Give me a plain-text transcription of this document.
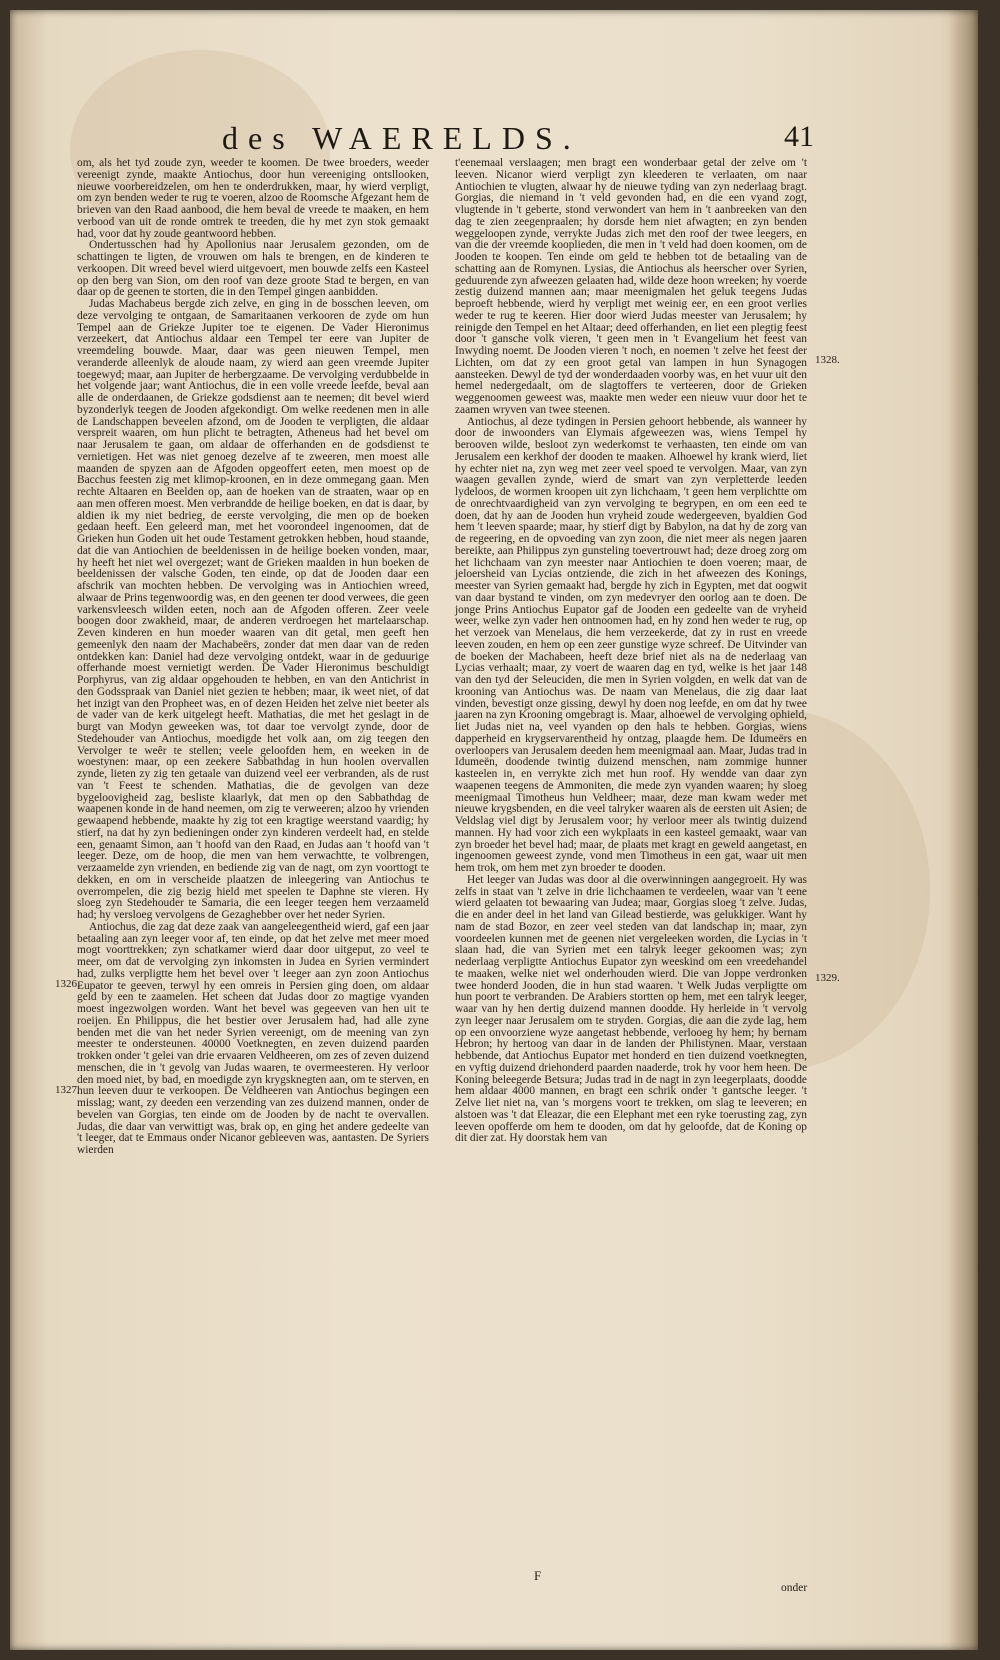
des WAERELDS.	41

om, als het tyd zoude zyn, weeder te koomen. De twee broeders, weeder vereenigt zynde, maakte Antiochus, door hun vereeniging ontsllooken, nieuwe voorbereidzelen, om hen te onderdrukken, maar, hy wierd verpligt, om zyn benden weder te rug te voeren, alzoo de Roomsche Afgezant hem de brieven van den Raad aanbood, die hem beval de vreede te maaken, en hem verbood van uit de ronde omtrek te treeden, die hy met zyn stok gemaakt had, voor dat hy zoude geantwoord hebben.

Ondertusschen had hy Apollonius naar Jerusalem gezonden, om de schattingen te ligten, de vrouwen om hals te brengen, en de kinderen te verkoopen. Dit wreed bevel wierd uitgevoert, men bouwde zelfs een Kasteel op den berg van Sion, om den roof van deze groote Stad te bergen, en van daar op de geenen te storten, die in den Tempel gingen aanbidden.

Judas Machabeus bergde zich zelve, en ging in de bosschen leeven, om deze vervolging te ontgaan, de Samaritaanen verkooren de zyde om hun Tempel aan de Griekze Jupiter toe te eigenen. De Vader Hieronimus verzeekert, dat Antiochus aldaar een Tempel ter eere van Jupiter de vreemdeling bouwde. Maar, daar was geen nieuwen Tempel, men veranderde alleenlyk de aloude naam, zy wierd aan geen vreemde Jupiter toegewyd; maar, aan Jupiter de herbergzaame. De vervolging verdubbelde in het volgende jaar; want Antiochus, die in een volle vreede leefde, beval aan alle de onderdaanen, de Griekze godsdienst aan te neemen; dit bevel wierd byzonderlyk teegen de Jooden afgekondigt. Om welke reedenen men in alle de Landschappen beveelen afzond, om de Jooden te verpligten, die aldaar verspreit waaren, om hun plicht te betragten, Atheneus had het bevel om naar Jerusalem te gaan, om aldaar de offerhanden en de godsdienst te vernietigen. Het was niet genoeg dezelve af te zweeren, men moest alle maanden de spyzen aan de Afgoden opgeoffert eeten, men moest op de Bacchus feesten zig met klimop-kroonen, en in deze ommegang gaan. Men rechte Altaaren en Beelden op, aan de hoeken van de straaten, waar op en aan men offeren moest. Men verbrandde de heilige boeken, en dat is daar, by aldien ik my niet bedrieg, de eerste vervolging, die men op de boeken gedaan heeft. Een geleerd man, met het voorondeel ingenoomen, dat de Grieken hun Goden uit het oude Testament getrokken hebben, houd staande, dat die van Antiochien de beeldenissen in de heilige boeken vonden, maar, hy heeft het niet wel overgezet; want de Grieken maalden in hun boeken de beeldenissen der valsche Goden, ten einde, op dat de Jooden daar een afschrik van mochten hebben. De vervolging was in Antiochien wreed, alwaar de Prins tegenwoordig was, en den geenen ter dood verwees, die geen varkensvleesch wilden eeten, noch aan de Afgoden offeren. Zeer veele boogen door zwakheid, maar, de anderen verdroegen het martelaarschap. Zeven kinderen en hun moeder waaren van dit getal, men geeft hen gemeenlyk den naam der Machabeërs, zonder dat men daar van de reden ontdekken kan: Daniel had deze vervolging ontdekt, waar in de geduurige offerhande moest vernietigt werden. De Vader Hieronimus beschuldigt Porphyrus, van zig aldaar opgehouden te hebben, en van den Antichrist in den Godsspraak van Daniel niet gezien te hebben; maar, ik weet niet, of dat het inzigt van den Propheet was, en of dezen Heiden het zelve niet beeter als de vader van de kerk uitgelegt heeft. Mathatias, die met het geslagt in de burgt van Modyn geweeken was, tot daar toe vervolgt zynde, door de Stedehouder van Antiochus, moedigde het volk aan, om zig teegen den Vervolger te weêr te stellen; veele geloofden hem, en weeken in de woestynen: maar, op een zeekere Sabbathdag in hun hoolen overvallen zynde, lieten zy zig ten getaale van duizend veel eer verbranden, als de rust van 't Feest te schenden. Mathatias, die de gevolgen van deze bygeloovigheid zag, besliste klaarlyk, dat men op den Sabbathdag de waapenen konde in de hand neemen, om zig te verweeren; alzoo hy vrienden gewaapend hebbende, maakte hy zig tot een kragtige weerstand vaardig; hy stierf, na dat hy zyn bedieningen onder zyn kinderen verdeelt had, en stelde een, genaamt Simon, aan 't hoofd van den Raad, en Judas aan 't hoofd van 't leeger. Deze, om de hoop, die men van hem verwachtte, te volbrengen, verzaamelde zyn vrienden, en bediende zig van de nagt, om zyn voorttogt te dekken, en om in verscheide plaatzen de inleegering van Antiochus te overrompelen, die zig bezig hield met speelen te Daphne ste vieren. Hy sloeg zyn Stedehouder te Samaria, die een leeger teegen hem verzaameld had; hy versloeg vervolgens de Gezaghebber over het neder Syrien.

Antiochus, die zag dat deze zaak van aangeleegentheid wierd, gaf een jaar betaaling aan zyn leeger voor af, ten einde, op dat het zelve met meer moed mogt voorttrekken; zyn schatkamer wierd daar door uitgeput, zo veel te meer, om dat de vervolging zyn inkomsten in Judea en Syrien vermindert had, zulks verpligtte hem het bevel over 't leeger aan zyn zoon Antiochus Eupator te geeven, terwyl hy een omreis in Persien ging doen, om aldaar geld by een te zaamelen. Het scheen dat Judas door zo magtige vyanden moest ingezwolgen worden. Want het bevel was gegeeven van hen uit te roeijen. En Philippus, die het bestier over Jerusalem had, had alle zyne benden met die van het neder Syrien vereenigt, om de meening van zyn meester te ondersteunen. 40000 Voetknegten, en zeven duizend paarden trokken onder 't gelei van drie ervaaren Veldheeren, om zes of zeven duizend menschen, die in 't gevolg van Judas waaren, te overmeesteren. Hy verloor den moed niet, by bad, en moedigde zyn krygsknegten aan, om te sterven, en hun leeven duur te verkoopen. De Veldheeren van Antiochus begingen een misslag; want, zy deeden een verzending van zes duizend mannen, onder de bevelen van Gorgias, ten einde om de Jooden by de nacht te overvallen. Judas, die daar van verwittigt was, brak op, en ging het andere gedeelte van 't leeger, dat te Emmaus onder Nicanor gebleeven was, aantasten. De Syriers wierden

t'eenemaal verslaagen; men bragt een wonderbaar getal der zelve om 't leeven. Nicanor wierd verpligt zyn kleederen te verlaaten, om naar Antiochien te vlugten, alwaar hy de nieuwe tyding van zyn nederlaag bragt. Gorgias, die niemand in 't veld gevonden had, en die een vyand zogt, vlugtende in 't geberte, stond verwondert van hem in 't aanbreeken van den dag te zien zeegenpraalen; hy dorsde hem niet afwagten; en zyn benden weggeloopen zynde, verrykte Judas zich met den roof der twee leegers, en van die der vreemde kooplieden, die men in 't veld had doen koomen, om de Jooden te koopen. Ten einde om geld te hebben tot de betaaling van de schatting aan de Romynen. Lysias, die Antiochus als heerscher over Syrien, geduurende zyn afweezen gelaaten had, wilde deze hoon wreeken; hy voerde zestig duizend mannen aan; maar meenigmalen het geluk teegens Judas beproeft hebbende, wierd hy verpligt met weinig eer, en een groot verlies weder te rug te keeren. Hier door wierd Judas meester van Jerusalem; hy reinigde den Tempel en het Altaar; deed offerhanden, en liet een plegtig feest door 't gansche volk vieren, 't geen men in 't Evangelium het feest van Inwyding noemt. De Jooden vieren 't noch, en noemen 't zelve het feest der Lichten, om dat zy een groot getal van lampen in hun Synagogen aansteeken. Dewyl de tyd der wonderdaaden voorby was, en het vuur uit den hemel nedergedaalt, om de slagtoffers te verteeren, door de Grieken weggenoomen geweest was, maakte men weder een nieuw vuur door het te zaamen wryven van twee steenen.

Antiochus, al deze tydingen in Persien gehoort hebbende, als wanneer hy door de inwoonders van Elymais afgeweezen was, wiens Tempel hy berooven wilde, besloot zyn wederkomst te verhaasten, ten einde om van Jerusalem een kerkhof der dooden te maaken. Alhoewel hy krank wierd, liet hy echter niet na, zyn weg met zeer veel spoed te vervolgen. Maar, van zyn waagen gevallen zynde, wierd de smart van zyn verpletterde leeden lydeloos, de wormen kroopen uit zyn lichchaam, 't geen hem verplichtte om de onrechtvaardigheid van zyn vervolging te begrypen, en om een eed te doen, dat hy aan de Jooden hun vryheid zoude wedergeeven, byaldien God hem 't leeven spaarde; maar, hy stierf digt by Babylon, na dat hy de zorg van de regeering, en de opvoeding van zyn zoon, die niet meer als negen jaaren bereikte, aan Philippus zyn gunsteling toevertrouwt had; deze droeg zorg om het lichchaam van zyn meester naar Antiochien te doen voeren; maar, de jeloersheid van Lycias ontziende, die zich in het afweezen des Konings, meester van Syrien gemaakt had, bergde hy zich in Egypten, met dat oogwit van daar bystand te vinden, om zyn medevryer den oorlog aan te doen. De jonge Prins Antiochus Eupator gaf de Jooden een gedeelte van de vryheid weer, welke zyn vader hen ontnoomen had, en hy zond hen weder te rug, op het verzoek van Menelaus, die hem verzeekerde, dat zy in rust en vreede leeven zouden, en hem op een zeer gunstige wyze schreef. De Uitvinder van de boeken der Machabeen, heeft deze brief niet als na de nederlaag van Lycias verhaalt; maar, zy voert de waaren dag en tyd, welke is het jaar 148 van den tyd der Seleuciden, die men in Syrien volgden, en welk dat van de krooning van Antiochus was. De naam van Menelaus, die zig daar laat vinden, bevestigt onze gissing, dewyl hy doen nog leefde, en om dat hy twee jaaren na zyn Krooning omgebragt is. Maar, alhoewel de vervolging ophield, liet Judas niet na, veel vyanden op den hals te hebben. Gorgias, wiens dapperheid en krygservarentheid hy ontzag, plaagde hem. De Idumeërs en overloopers van Jerusalem deeden hem meenigmaal aan. Maar, Judas trad in Idumeën, doodende twintig duizend menschen, nam zommige hunner kasteelen in, en verrykte zich met hun roof. Hy wendde van daar zyn waapenen teegens de Ammoniten, die mede zyn vyanden waaren; hy sloeg meenigmaal Timotheus hun Veldheer; maar, deze man kwam weder met nieuwe krygsbenden, en die veel talryker waaren als de eersten uit Asien; de Veldslag viel digt by Jerusalem voor; hy verloor meer als twintig duizend mannen. Hy had voor zich een wykplaats in een kasteel gemaakt, waar van zyn broeder het bevel had; maar, de plaats met kragt en geweld aangetast, en ingenoomen geweest zynde, vond men Timotheus in een gat, waar uit men hem trok, om hem met zyn broeder te dooden.

Het leeger van Judas was door al die overwinningen aangegroeit. Hy was zelfs in staat van 't zelve in drie lichchaamen te verdeelen, waar van 't eene wierd gelaaten tot bewaaring van Judea; maar, Gorgias sloeg 't zelve. Judas, die en ander deel in het land van Gilead bestierde, was gelukkiger. Want hy nam de stad Bozor, en zeer veel steden van dat landschap in; maar, zyn voordeelen kunnen met de geenen niet vergeleeken worden, die Lycias in 't slaan had, die van Syrien met een talryk leeger gekoomen was; zyn nederlaag verpligtte Antiochus Eupator zyn weeskind om een vreedehandel te maaken, welke niet wel onderhouden wierd. Die van Joppe verdronken twee honderd Jooden, die in hun stad waaren. 't Welk Judas verpligtte om hun poort te verbranden. De Arabiers stortten op hem, met een talryk leeger, waar van hy hen dertig duizend mannen doodde. Hy herleide in 't vervolg zyn leeger naar Jerusalem om te stryden. Gorgias, die aan die zyde lag, hem op een onvoorziene wyze aangetast hebbende, verlooeg hy hem; hy bernam Hebron; hy hertoog van daar in de landen der Philistynen. Maar, verstaan hebbende, dat Antiochus Eupator met honderd en tien duizend voetknegten, en vyftig duizend driehonderd paarden naaderde, trok hy voor hem heen. De Koning beleegerde Betsura; Judas trad in de nagt in zyn leegerplaats, doodde hem aldaar 4000 mannen, en bragt een schrik onder 't gantsche leeger. 't Zelve liet niet na, van 's morgens voort te trekken, om slag te leeveren; en alstoen was 't dat Eleazar, die een Elephant met een ryke toerusting zag, zyn leeven opofferde om hem te dooden, om dat hy geloofde, dat de Koning op dit dier zat. Hy doorstak hem van

1326.
1327.
1328.
1329.
F
onder
